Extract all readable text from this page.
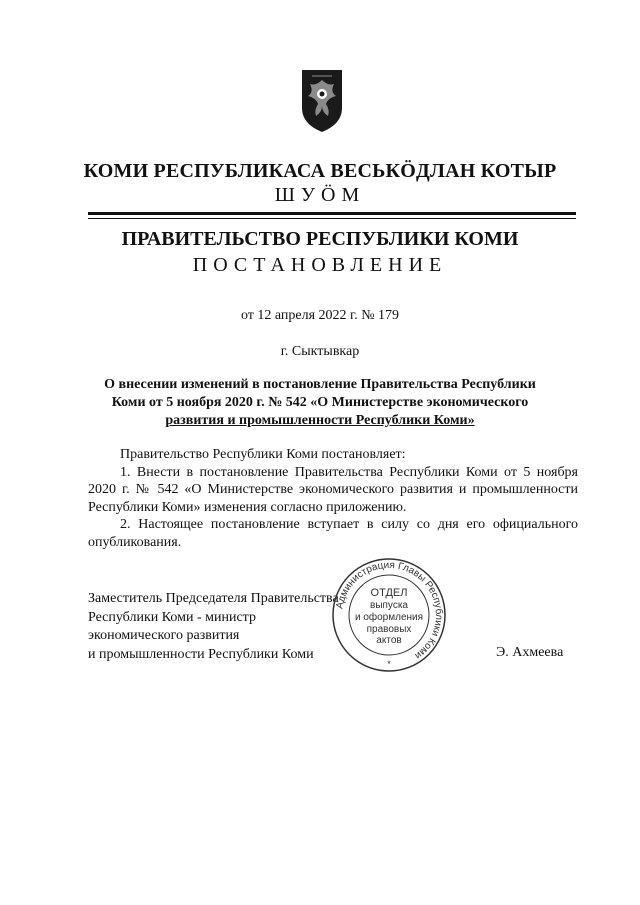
КОМИ РЕСПУБЛИКАСА ВЕСЬКӦДЛАН КОТЫР
ШУӦМ
ПРАВИТЕЛЬСТВО РЕСПУБЛИКИ КОМИ
ПОСТАНОВЛЕНИЕ
от 12 апреля 2022 г. № 179
г. Сыктывкар
О внесении изменений в постановление Правительства Республики
Коми от 5 ноября 2020 г. № 542 «О Министерстве экономического
развития и промышленности Республики Коми»

Правительство Республики Коми постановляет:

1. Внести в постановление Правительства Республики Коми от 5 ноября 2020 г. № 542 «О Министерстве экономического развития и промышленности Республики Коми» изменения согласно приложению.

2. Настоящее постановление вступает в силу со дня его официального опубликования.

Заместитель Председателя Правительства
Республики Коми - министр
экономического развития
и промышленности Республики Коми	Э. Ахмеева
Администрация Главы Республики Коми
ОТДЕЛ
выпуска
и оформления
правовых
актов
*
